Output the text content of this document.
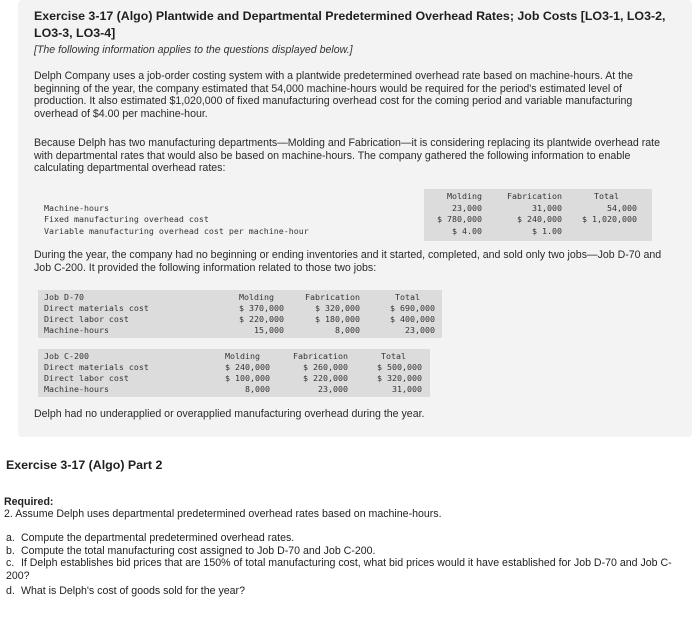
Exercise 3-17 (Algo) Plantwide and Departmental Predetermined Overhead Rates; Job Costs [LO3-1, LO3-2, LO3-3, LO3-4]
[The following information applies to the questions displayed below.]
Delph Company uses a job-order costing system with a plantwide predetermined overhead rate based on machine-hours. At the beginning of the year, the company estimated that 54,000 machine-hours would be required for the period's estimated level of production. It also estimated $1,020,000 of fixed manufacturing overhead cost for the coming period and variable manufacturing overhead of $4.00 per machine-hour.
Because Delph has two manufacturing departments—Molding and Fabrication—it is considering replacing its plantwide overhead rate with departmental rates that would also be based on machine-hours. The company gathered the following information to enable calculating departmental overhead rates:
Molding	Fabrication	Total
Machine-hours	23,000	31,000	54,000
Fixed manufacturing overhead cost	$ 780,000	$ 240,000	$ 1,020,000
Variable manufacturing overhead cost per machine-hour	$ 4.00	$ 1.00
During the year, the company had no beginning or ending inventories and it started, completed, and sold only two jobs—Job D-70 and Job C-200. It provided the following information related to those two jobs:
Job D-70	Molding	Fabrication	Total
Direct materials cost	$ 370,000	$ 320,000	$ 690,000
Direct labor cost	$ 220,000	$ 180,000	$ 400,000
Machine-hours	15,000	8,000	23,000
Job C-200	Molding	Fabrication	Total
Direct materials cost	$ 240,000	$ 260,000	$ 500,000
Direct labor cost	$ 100,000	$ 220,000	$ 320,000
Machine-hours	8,000	23,000	31,000
Delph had no underapplied or overapplied manufacturing overhead during the year.
Exercise 3-17 (Algo) Part 2
Required:
2. Assume Delph uses departmental predetermined overhead rates based on machine-hours.
a. Compute the departmental predetermined overhead rates.
b. Compute the total manufacturing cost assigned to Job D-70 and Job C-200.
c. If Delph establishes bid prices that are 150% of total manufacturing cost, what bid prices would it have established for Job D-70 and Job C-200?
d. What is Delph's cost of goods sold for the year?
